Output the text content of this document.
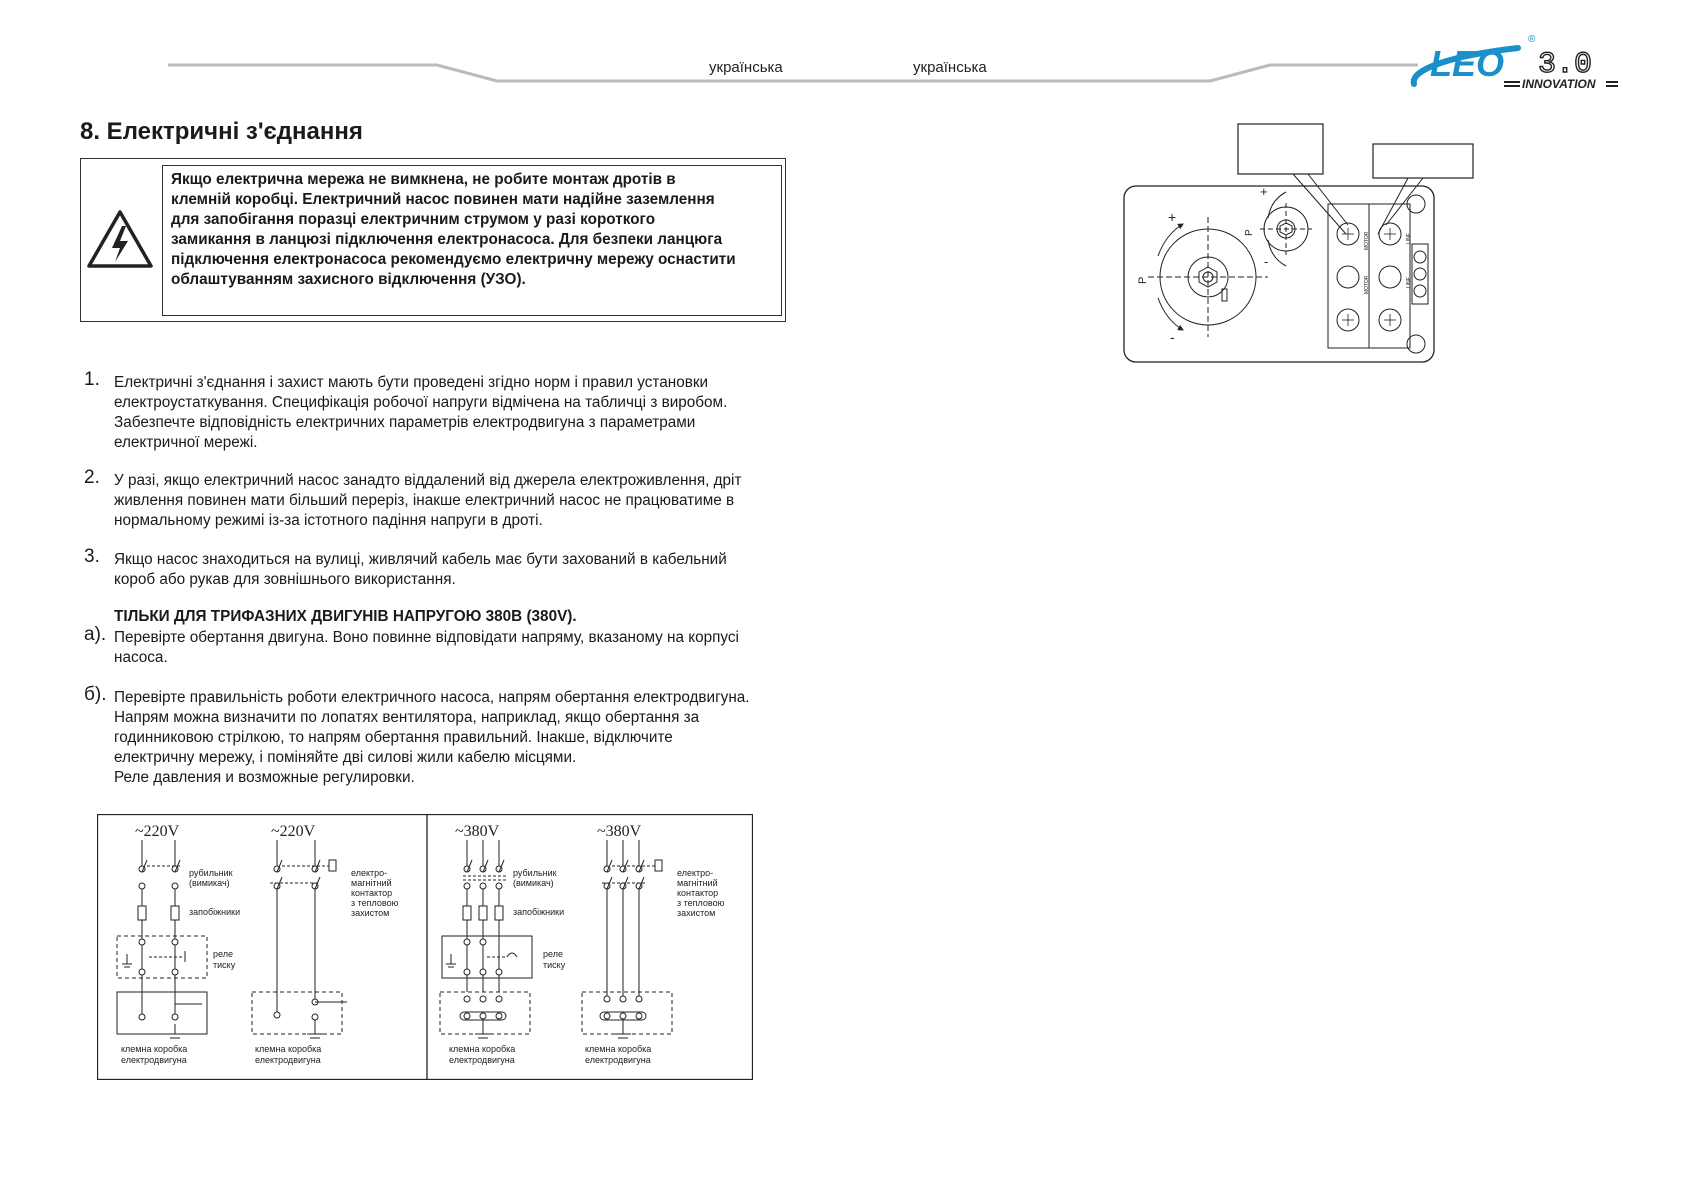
українська	українська	LEO
®
3.0
INNOVATION
8. Електричні з'єднання
Якщо електрична мережа не вимкнена, не робите монтаж дротів в
клемній коробці. Електричний насос повинен мати надійне заземлення
для запобігання поразці електричним струмом у разі короткого
замикання в ланцюзі підключення електронасоса. Для безпеки ланцюга
підключення електронасоса рекомендуємо електричну мережу оснастити
облаштуванням захисного відключення (УЗО).
1. Електричні з'єднання і захист мають бути проведені згідно норм і правил установки
електроустаткування. Специфікація робочої напруги відмічена на табличці з виробом.
Забезпечте відповідність електричних параметрів електродвигуна з параметрами
електричної мережі.
2. У разі, якщо електричний насос занадто віддалений від джерела електроживлення, дріт
живлення повинен мати більший переріз, інакше електричний насос не працюватиме в
нормальному режимі із-за істотного падіння напруги в дроті.
3. Якщо насос знаходиться на вулиці, живлячий кабель має бути захований в кабельний
короб або рукав для зовнішнього використання.
ТІЛЬКИ ДЛЯ ТРИФАЗНИХ ДВИГУНІВ НАПРУГОЮ 380В (380V).
а). Перевірте обертання двигуна. Воно повинне відповідати напряму, вказаному на корпусі
насоса.
б). Перевірте правильність роботи електричного насоса, напрям обертання електродвигуна.
Напрям можна визначити по лопатях вентилятора, наприклад, якщо обертання за
годинниковою стрілкою, то напрям обертання правильний. Інакше, відключите
електричну мережу, і поміняйте дві силові жили кабелю місцями.
Реле давления и возможные регулировки.
~220V
рубильник
(вимикач)
запобіжники
реле
тиску
клемна коробка
електродвигуна
~220V
електро-
магнітний
контактор
з тепловою
захистом
клемна коробка
електродвигуна
~380V
рубильник
(вимикач)
запобіжники
реле
тиску
клемна коробка
електродвигуна
~380V
електро-
магнітний
контактор
з тепловою
захистом
клемна коробка
електродвигуна
MOTOR
MOTOR
LINE
LINE
+
-
P
+
-
P
